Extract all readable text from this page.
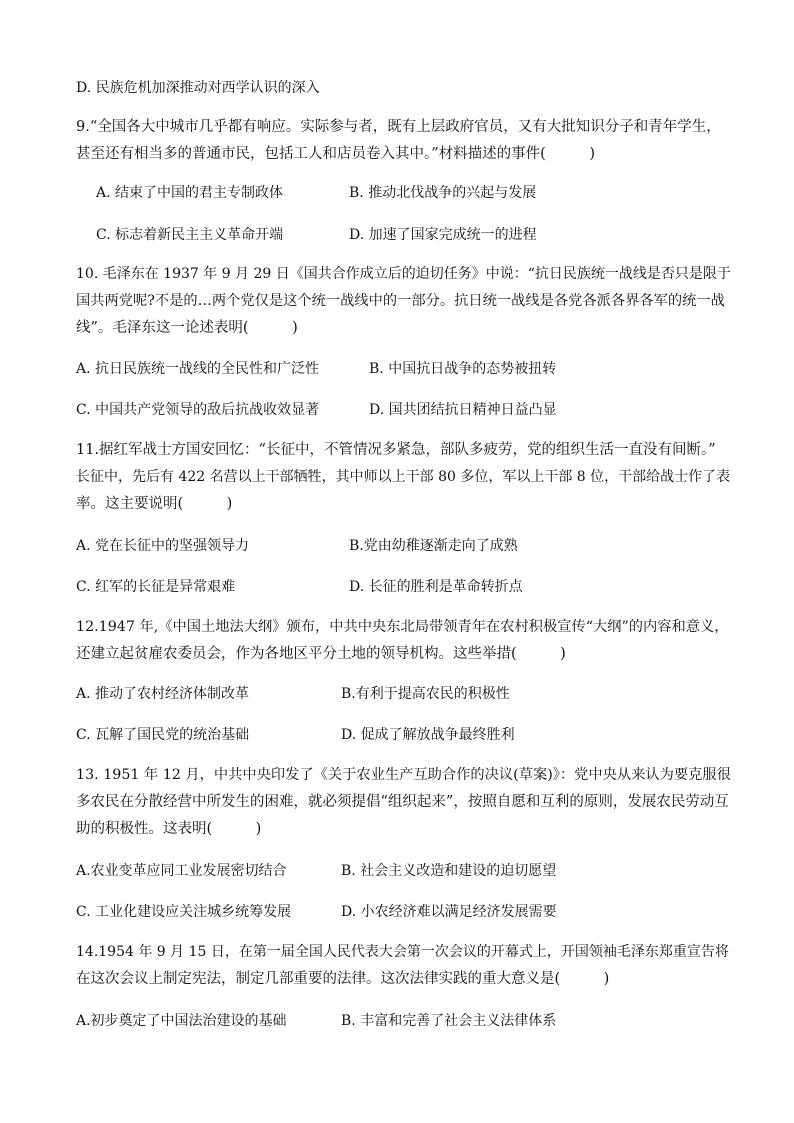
D. 民族危机加深推动对西学认识的深入
9.“全国各大中城市几乎都有响应。实际参与者，既有上层政府官员，又有大批知识分子和青年学生，
甚至还有相当多的普通市民，包括工人和店员卷入其中。”材料描述的事件(　　　)
A. 结束了中国的君主专制政体	B. 推动北伐战争的兴起与发展
C. 标志着新民主主义革命开端	D. 加速了国家完成统一的进程
10. 毛泽东在 1937 年 9 月 29 日《国共合作成立后的迫切任务》中说：“抗日民族统一战线是否只是限于
国共两党呢?不是的…两个党仅是这个统一战线中的一部分。抗日统一战线是各党各派各界各军的统一战
线”。毛泽东这一论述表明(　　　)
A. 抗日民族统一战线的全民性和广泛性	B. 中国抗日战争的态势被扭转
C. 中国共产党领导的敌后抗战收效显著	D. 国共团结抗日精神日益凸显
11.据红军战士方国安回忆：“长征中，不管情况多紧急，部队多疲劳，党的组织生活一直没有间断。”
长征中，先后有 422 名营以上干部牺牲，其中师以上干部 80 多位，军以上干部 8 位，干部给战士作了表
率。这主要说明(　　　)
A. 党在长征中的坚强领导力	B.党由幼稚逐渐走向了成熟
C. 红军的长征是异常艰难	D. 长征的胜利是革命转折点
12.1947 年,《中国土地法大纲》颁布，中共中央东北局带领青年在农村积极宣传“大纲”的内容和意义，
还建立起贫雇农委员会，作为各地区平分土地的领导机构。这些举措(　　　)
A. 推动了农村经济体制改革	B.有利于提高农民的积极性
C. 瓦解了国民党的统治基础	D. 促成了解放战争最终胜利
13. 1951 年 12 月，中共中央印发了《关于农业生产互助合作的决议(草案)》：党中央从来认为要克服很
多农民在分散经营中所发生的困难，就必须提倡“组织起来”，按照自愿和互利的原则，发展农民劳动互
助的积极性。这表明(　　　)
A.农业变革应同工业发展密切结合	B. 社会主义改造和建设的迫切愿望
C. 工业化建设应关注城乡统筹发展	D. 小农经济难以满足经济发展需要
14.1954 年 9 月 15 日，在第一届全国人民代表大会第一次会议的开幕式上，开国领袖毛泽东郑重宣告将
在这次会议上制定宪法，制定几部重要的法律。这次法律实践的重大意义是(　　　)
A.初步奠定了中国法治建设的基础	B. 丰富和完善了社会主义法律体系
